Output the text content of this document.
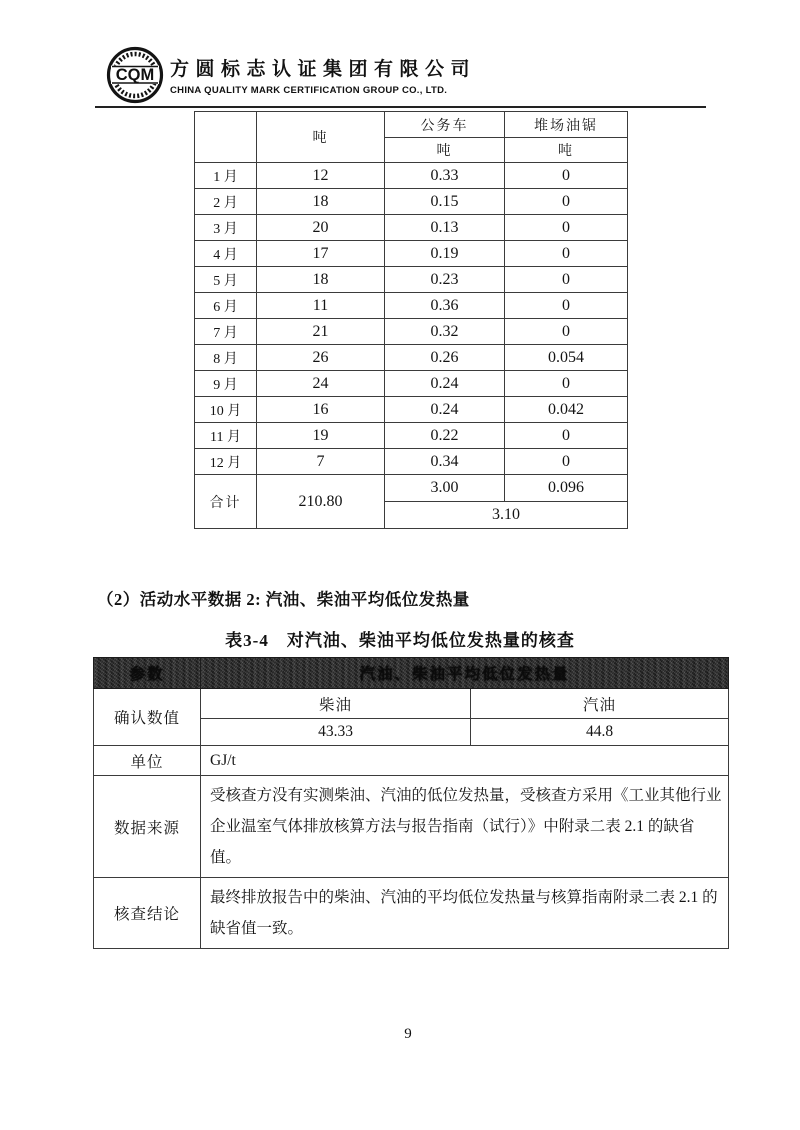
CQM 方圆标志认证集团有限公司
CHINA QUALITY MARK CERTIFICATION GROUP CO., LTD.
	吨	公务车	堆场油锯
		吨	吨
1 月	12	0.33	0
2 月	18	0.15	0
3 月	20	0.13	0
4 月	17	0.19	0
5 月	18	0.23	0
6 月	11	0.36	0
7 月	21	0.32	0
8 月	26	0.26	0.054
9 月	24	0.24	0
10 月	16	0.24	0.042
11 月	19	0.22	0
12 月	7	0.34	0
合计	210.80	3.00	0.096
		3.10	
（2）活动水平数据 2: 汽油、柴油平均低位发热量
表3-4　对汽油、柴油平均低位发热量的核查
参数	汽油、柴油平均低位发热量	
确认数值	柴油	汽油
	43.33	44.8
单位	GJ/t	
数据来源	受核查方没有实测柴油、汽油的低位发热量，受核查方采用《工业其他行业企业温室气体排放核算方法与报告指南（试行）》中附录二表 2.1 的缺省值。	
核查结论	最终排放报告中的柴油、汽油的平均低位发热量与核算指南附录二表 2.1 的缺省值一致。	
9
